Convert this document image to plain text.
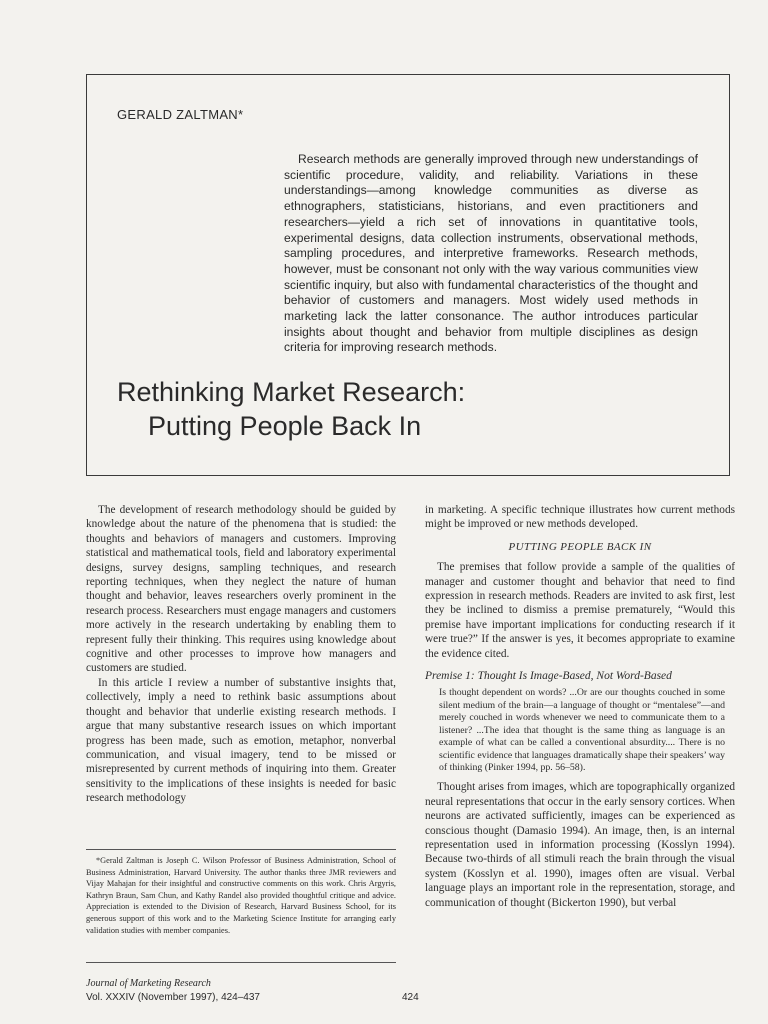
GERALD ZALTMAN*

Research methods are generally improved through new understandings of scientific procedure, validity, and reliability. Variations in these understandings—among knowledge communities as diverse as ethnographers, statisticians, historians, and even practitioners and researchers—yield a rich set of innovations in quantitative tools, experimental designs, data collection instruments, observational methods, sampling procedures, and interpretive frameworks. Research methods, however, must be consonant not only with the way various communities view scientific inquiry, but also with fundamental characteristics of the thought and behavior of customers and managers. Most widely used methods in marketing lack the latter consonance. The author introduces particular insights about thought and behavior from multiple disciplines as design criteria for improving research methods.

Rethinking Market Research:
Putting People Back In

The development of research methodology should be guided by knowledge about the nature of the phenomena that is studied: the thoughts and behaviors of managers and customers. Improving statistical and mathematical tools, field and laboratory experimental designs, survey designs, sampling techniques, and research reporting techniques, when they neglect the nature of human thought and behavior, leaves researchers overly prominent in the research process. Researchers must engage managers and customers more actively in the research undertaking by enabling them to represent fully their thinking. This requires using knowledge about cognitive and other processes to improve how managers and customers are studied.

In this article I review a number of substantive insights that, collectively, imply a need to rethink basic assumptions about thought and behavior that underlie existing research methods. I argue that many substantive research issues on which important progress has been made, such as emotion, metaphor, nonverbal communication, and visual imagery, tend to be missed or misrepresented by current methods of inquiring into them. Greater sensitivity to the implications of these insights is needed for basic research methodology

*Gerald Zaltman is Joseph C. Wilson Professor of Business Administration, School of Business Administration, Harvard University. The author thanks three JMR reviewers and Vijay Mahajan for their insightful and constructive comments on this work. Chris Argyris, Kathryn Braun, Sam Chun, and Kathy Randel also provided thoughtful critique and advice. Appreciation is extended to the Division of Research, Harvard Business School, for its generous support of this work and to the Marketing Science Institute for arranging early validation studies with member companies.

in marketing. A specific technique illustrates how current methods might be improved or new methods developed.

PUTTING PEOPLE BACK IN

The premises that follow provide a sample of the qualities of manager and customer thought and behavior that need to find expression in research methods. Readers are invited to ask first, lest they be inclined to dismiss a premise prematurely, “Would this premise have important implications for conducting research if it were true?” If the answer is yes, it becomes appropriate to examine the evidence cited.

Premise 1: Thought Is Image-Based, Not Word-Based
Is thought dependent on words? ...Or are our thoughts couched in some silent medium of the brain—a language of thought or “mentalese”—and merely couched in words whenever we need to communicate them to a listener? ...The idea that thought is the same thing as language is an example of what can be called a conventional absurdity.... There is no scientific evidence that languages dramatically shape their speakers’ way of thinking (Pinker 1994, pp. 56–58).

Thought arises from images, which are topographically organized neural representations that occur in the early sensory cortices. When neurons are activated sufficiently, images can be experienced as conscious thought (Damasio 1994). An image, then, is an internal representation used in information processing (Kosslyn 1994). Because two-thirds of all stimuli reach the brain through the visual system (Kosslyn et al. 1990), images often are visual. Verbal language plays an important role in the representation, storage, and communication of thought (Bickerton 1990), but verbal

Journal of Marketing Research
Vol. XXXIV (November 1997), 424–437	424
